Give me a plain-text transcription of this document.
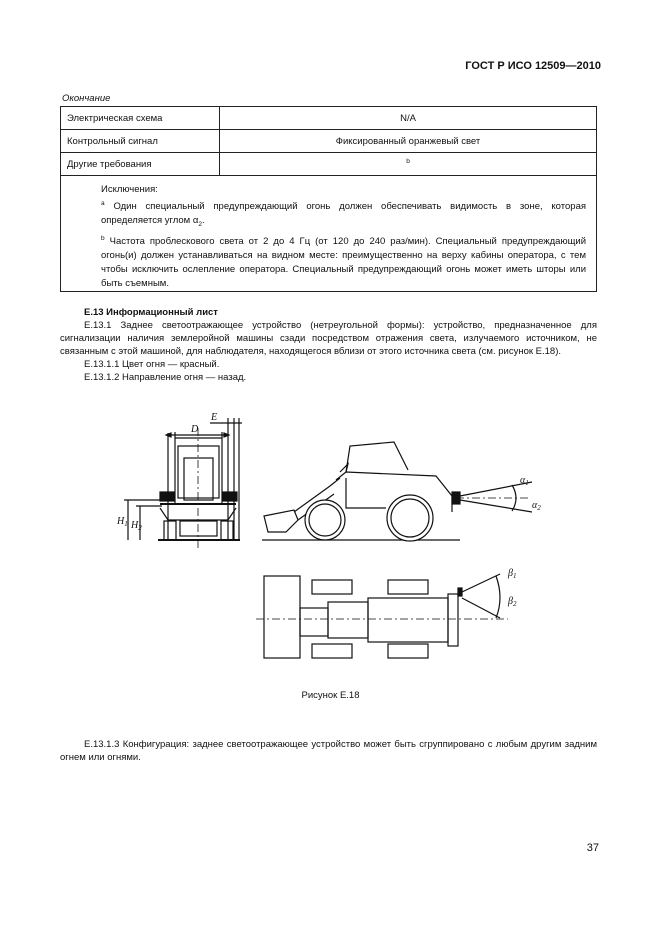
ГОСТ Р ИСО 12509—2010
Окончание
Электрическая схема	N/A
Контрольный сигнал	Фиксированный оранжевый свет
Другие требования	$^b$

Исключения:

$^a$ Один специальный предупреждающий огонь должен обеспечивать видимость в зоне, которая определяется углом $\alpha_2$.

$^b$ Частота проблескового света от 2 до 4 Гц (от 120 до 240 раз/мин). Специальный предупреждающий огонь(и) должен устанавливаться на видном месте: преимущественно на верху кабины оператора, с тем чтобы исключить ослепление оператора. Специальный предупреждающий огонь может иметь шторы или быть съемным.	

Е.13 Информационный лист

Е.13.1 Заднее светоотражающее устройство (нетреугольной формы): устройство, предназначенное для сигнализации наличия землеройной машины сзади посредством отражения света, излучаемого источником, не связанным с этой машиной, для наблюдателя, находящегося вблизи от этого источника света (см. рисунок Е.18).

Е.13.1.1 Цвет огня — красный.

Е.13.1.2 Направление огня — назад.

D
E
$H_1$ $H_2$
$\alpha_1$
$\alpha_2$
$\beta_1$
$\beta_2$
Рисунок Е.18

Е.13.1.3 Конфигурация: заднее светоотражающее устройство может быть сгруппировано с любым другим задним огнем или огнями.

37
